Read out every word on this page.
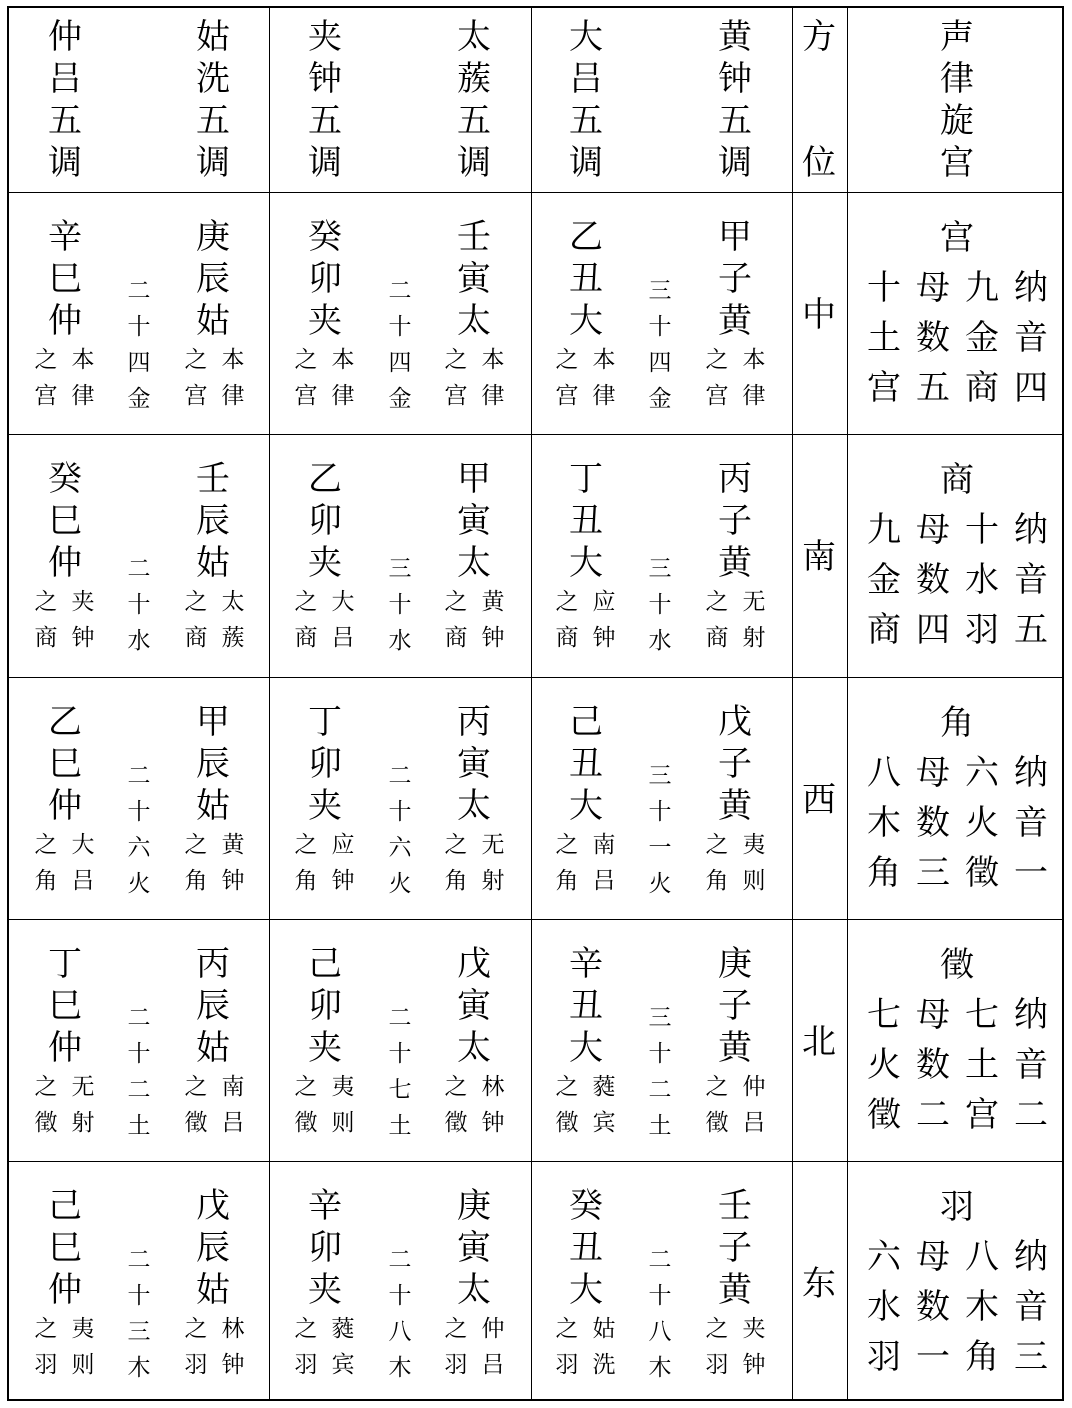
仲
吕
五
调
姑
洗
五
调
夹
钟
五
调
太
蔟
五
调
大
吕
五
调
黄
钟
五
调
方
位
声
律
旋
宫
辛
巳
仲
庚
辰
姑
之 本
宫 律
之 本
宫 律
二
十
四
金
癸
卯
夹
壬
寅
太
之 本
宫 律
之 本
宫 律
二
十
四
金
乙
丑
大
甲
子
黄
之 本
宫 律
之 本
宫 律
三
十
四
金
中
宫
十 母 九 纳
土 数 金 音
宫 五 商 四
癸
巳
仲
壬
辰
姑
之 夹
商 钟
之 太
商 蔟
二
十
水
乙
卯
夹
甲
寅
太
之 大
商 吕
之 黄
商 钟
三
十
水
丁
丑
大
丙
子
黄
之 应
商 钟
之 无
商 射
三
十
水
南
商
九 母 十 纳
金 数 水 音
商 四 羽 五
乙
巳
仲
甲
辰
姑
之 大
角 吕
之 黄
角 钟
二
十
六
火
丁
卯
夹
丙
寅
太
之 应
角 钟
之 无
角 射
二
十
六
火
己
丑
大
戊
子
黄
之 南
角 吕
之 夷
角 则
三
十
一
火
西
角
八 母 六 纳
木 数 火 音
角 三 徵 一
丁
巳
仲
丙
辰
姑
之 无
徵 射
之 南
徵 吕
二
十
二
土
己
卯
夹
戊
寅
太
之 夷
徵 则
之 林
徵 钟
二
十
七
土
辛
丑
大
庚
子
黄
之 蕤
徵 宾
之 仲
徵 吕
三
十
二
土
北
徵
七 母 七 纳
火 数 土 音
徵 二 宫 二
己
巳
仲
戊
辰
姑
之 夷
羽 则
之 林
羽 钟
二
十
三
木
辛
卯
夹
庚
寅
太
之 蕤
羽 宾
之 仲
羽 吕
二
十
八
木
癸
丑
大
壬
子
黄
之 姑
羽 洗
之 夹
羽 钟
二
十
八
木
东
羽
六 母 八 纳
水 数 木 音
羽 一 角 三
